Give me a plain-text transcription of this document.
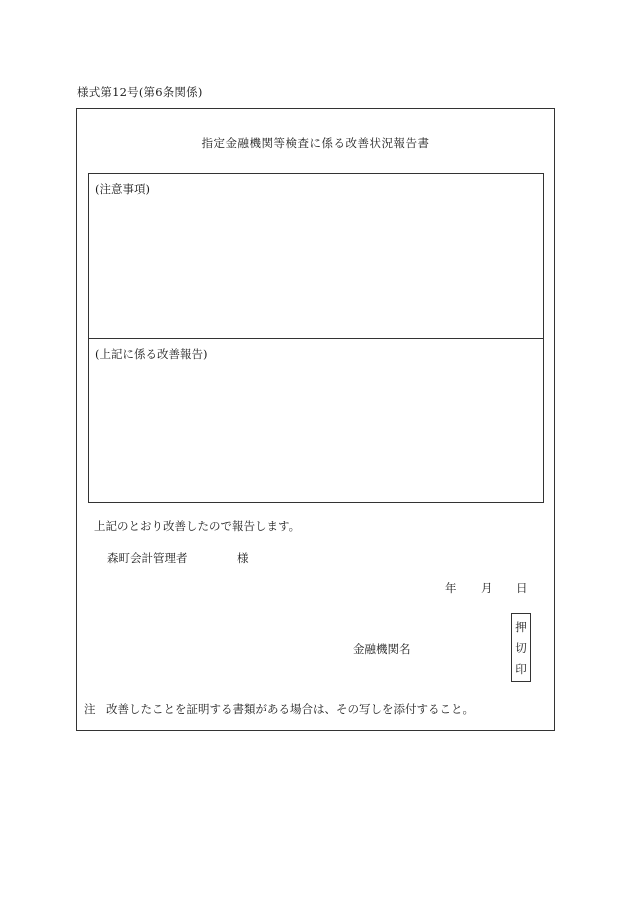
様式第12号(第6条関係)
指定金融機関等検査に係る改善状況報告書
(注意事項)
(上記に係る改善報告)
上記のとおり改善したので報告します。
森町会計管理者	様
年 月 日
金融機関名
押
切
印
注 改善したことを証明する書類がある場合は、その写しを添付すること。
